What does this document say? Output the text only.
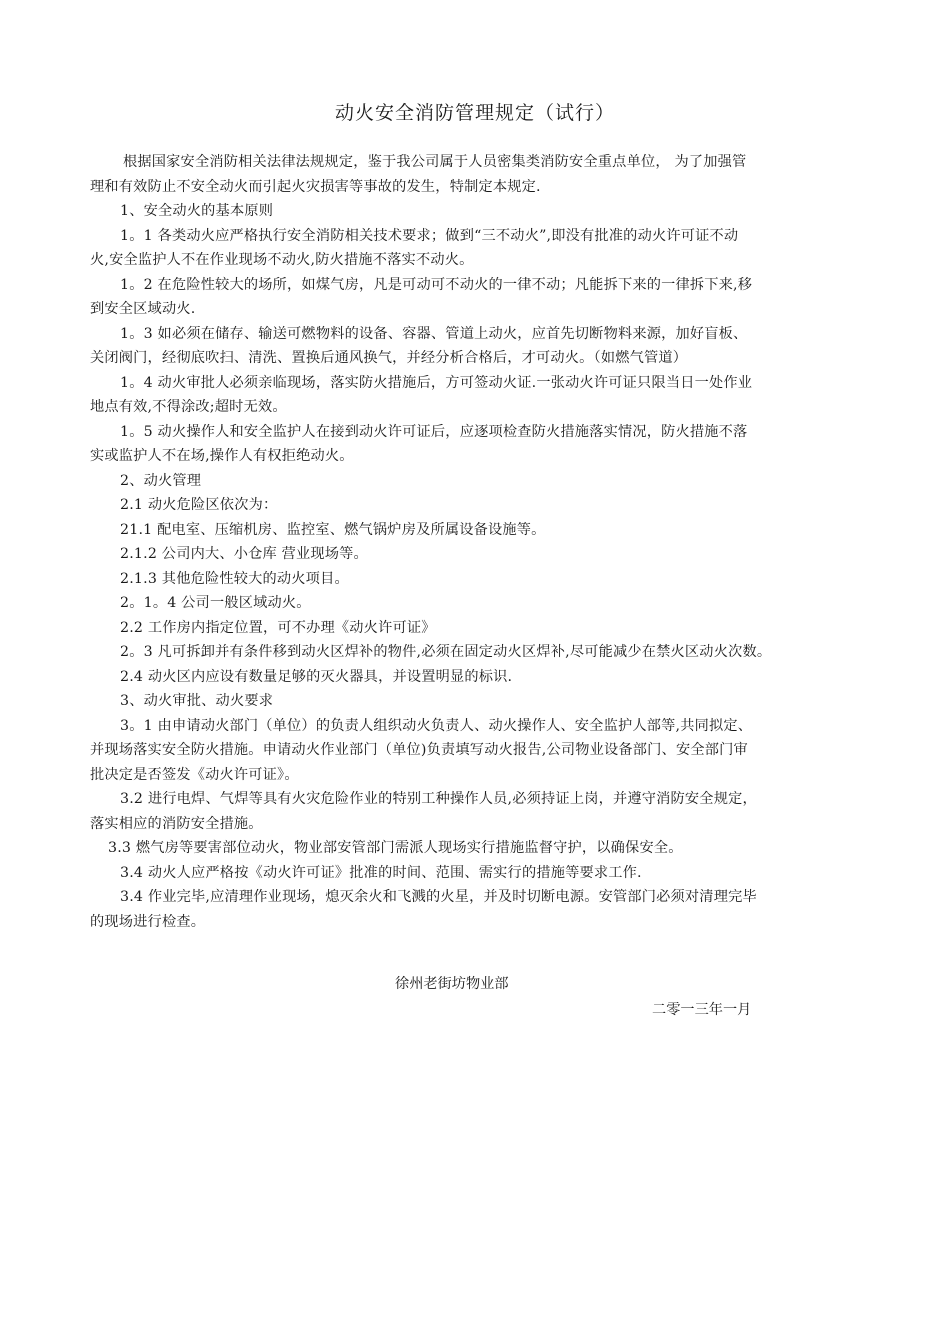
动火安全消防管理规定（试行）
根据国家安全消防相关法律法规规定，鉴于我公司属于人员密集类消防安全重点单位， 为了加强管
理和有效防止不安全动火而引起火灾损害等事故的发生，特制定本规定.
1、安全动火的基本原则
1。1 各类动火应严格执行安全消防相关技术要求；做到“三不动火”,即没有批准的动火许可证不动
火,安全监护人不在作业现场不动火,防火措施不落实不动火。
1。2 在危险性较大的场所，如煤气房，凡是可动可不动火的一律不动；凡能拆下来的一律拆下来,移
到安全区域动火.
1。3 如必须在储存、输送可燃物料的设备、容器、管道上动火，应首先切断物料来源，加好盲板、
关闭阀门，经彻底吹扫、清洗、置换后通风换气，并经分析合格后，才可动火。（如燃气管道）
1。4 动火审批人必须亲临现场，落实防火措施后，方可签动火证.一张动火许可证只限当日一处作业
地点有效,不得涂改;超时无效。
1。5 动火操作人和安全监护人在接到动火许可证后，应逐项检查防火措施落实情况，防火措施不落
实或监护人不在场,操作人有权拒绝动火。
2、动火管理
2.1 动火危险区依次为：
21.1 配电室、压缩机房、监控室、燃气锅炉房及所属设备设施等。
2.1.2 公司内大、小仓库 营业现场等。
2.1.3 其他危险性较大的动火项目。
2。1。4 公司一般区域动火。
2.2 工作房内指定位置，可不办理《动火许可证》
2。3 凡可拆卸并有条件移到动火区焊补的物件,必须在固定动火区焊补,尽可能减少在禁火区动火次数。
2.4 动火区内应设有数量足够的灭火器具，并设置明显的标识.
3、动火审批、动火要求
3。1 由申请动火部门（单位）的负责人组织动火负责人、动火操作人、安全监护人部等,共同拟定、
并现场落实安全防火措施。申请动火作业部门（单位)负责填写动火报告,公司物业设备部门、安全部门审
批决定是否签发《动火许可证》。
3.2 进行电焊、气焊等具有火灾危险作业的特别工种操作人员,必须持证上岗，并遵守消防安全规定，
落实相应的消防安全措施。
3.3 燃气房等要害部位动火，物业部安管部门需派人现场实行措施监督守护，以确保安全。
3.4 动火人应严格按《动火许可证》批准的时间、范围、需实行的措施等要求工作.
3.4 作业完毕,应清理作业现场，熄灭余火和飞溅的火星，并及时切断电源。安管部门必须对清理完毕
的现场进行检查。
徐州老街坊物业部
二零一三年一月
